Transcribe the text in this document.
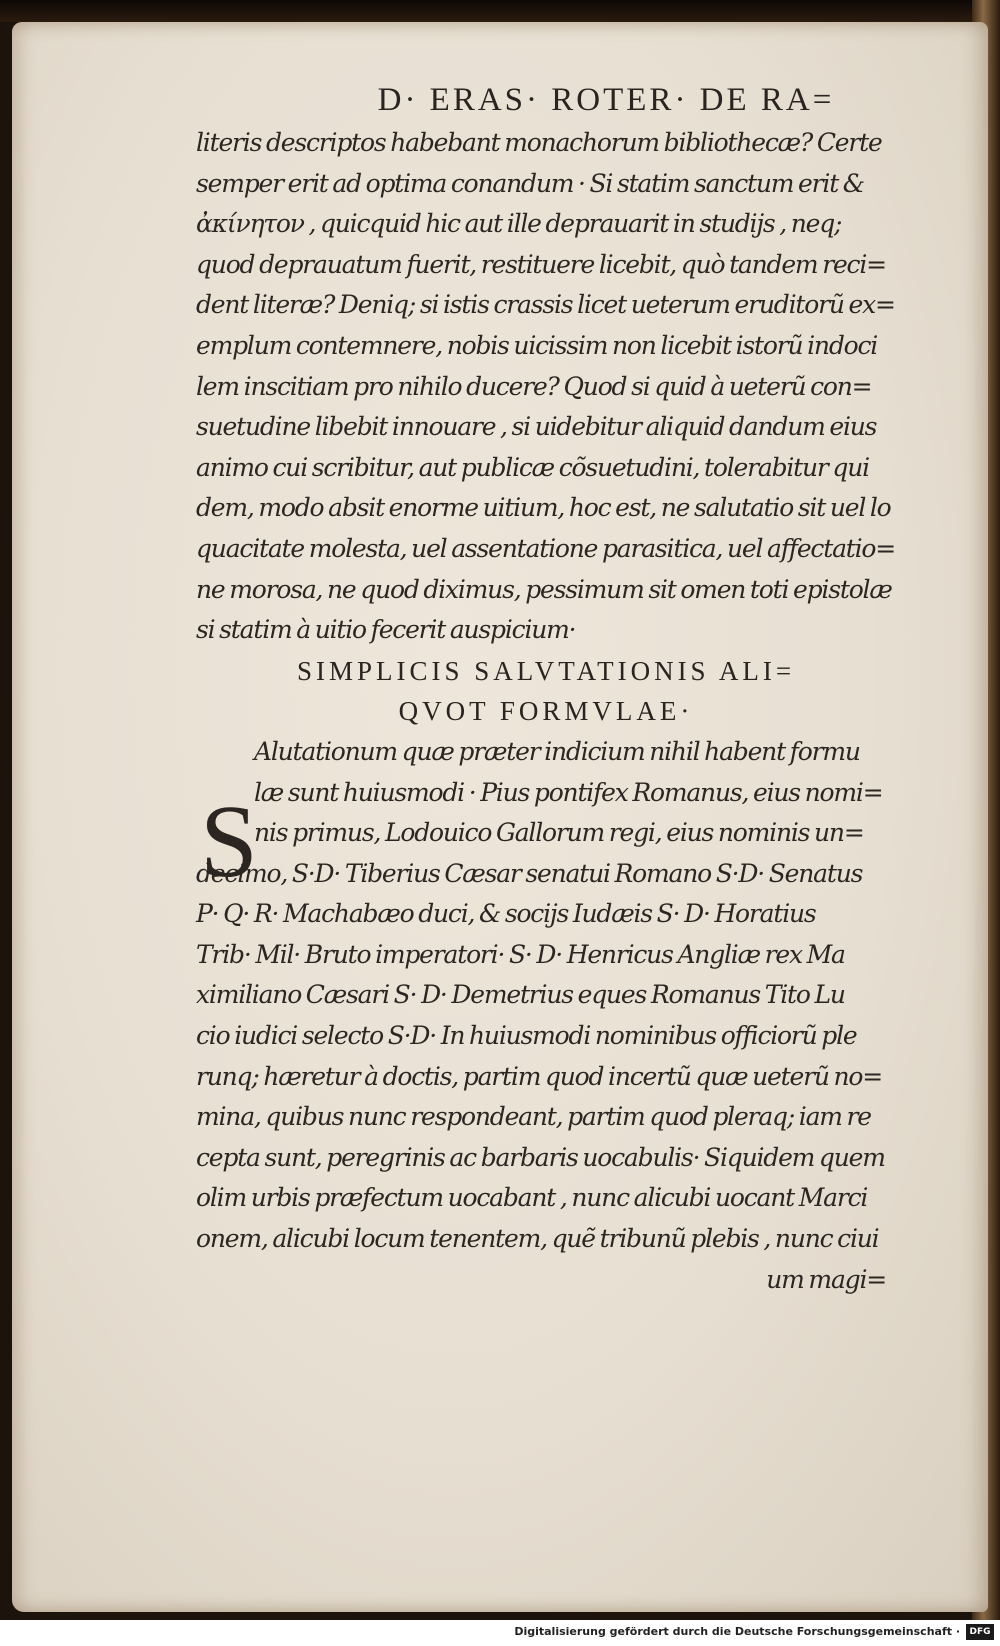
D· ERAS· ROTER· DE RA=
literis descriptos habebant monachorum bibliothecæ? Certe
semper erit ad optima conandum · Si statim sanctum erit &
ἀκίνητον , quicquid hic aut ille deprauarit in studijs , neq;
quod deprauatum fuerit, restituere licebit, quò tandem reci=
dent literæ? Deniq; si istis crassis licet ueterum eruditorũ ex=
emplum contemnere, nobis uicissim non licebit istorũ indoci
lem inscitiam pro nihilo ducere? Quod si quid à ueterũ con=
suetudine libebit innouare , si uidebitur aliquid dandum eius
animo cui scribitur, aut publicæ cõsuetudini, tolerabitur qui
dem, modo absit enorme uitium, hoc est, ne salutatio sit uel lo
quacitate molesta, uel assentatione parasitica, uel affectatio=
ne morosa, ne quod diximus, pessimum sit omen toti epistolæ
si statim à uitio fecerit auspicium·
SIMPLICIS SALVTATIONIS ALI=
QVOT FORMVLAE·
Alutationum quæ præter indicium nihil habent formu
læ sunt huiusmodi · Pius pontifex Romanus, eius nomi=
nis primus, Lodouico Gallorum regi, eius nominis un=
decimo, S·D· Tiberius Cæsar senatui Romano S·D· Senatus
P· Q· R· Machabæo duci, & socijs Iudæis S· D· Horatius
Trib· Mil· Bruto imperatori· S· D· Henricus Angliæ rex Ma
ximiliano Cæsari S· D· Demetrius eques Romanus Tito Lu
cio iudici selecto S·D· In huiusmodi nominibus officiorũ ple
runq; hæretur à doctis, partim quod incertũ quæ ueterũ no=
mina, quibus nunc respondeant, partim quod pleraq; iam re
cepta sunt, peregrinis ac barbaris uocabulis· Siquidem quem
olim urbis præfectum uocabant , nunc alicubi uocant Marci
onem, alicubi locum tenentem, quẽ tribunũ plebis , nunc ciui
um magi=
S
Digitalisierung gefördert durch die Deutsche Forschungsgemeinschaft ·	DFG
